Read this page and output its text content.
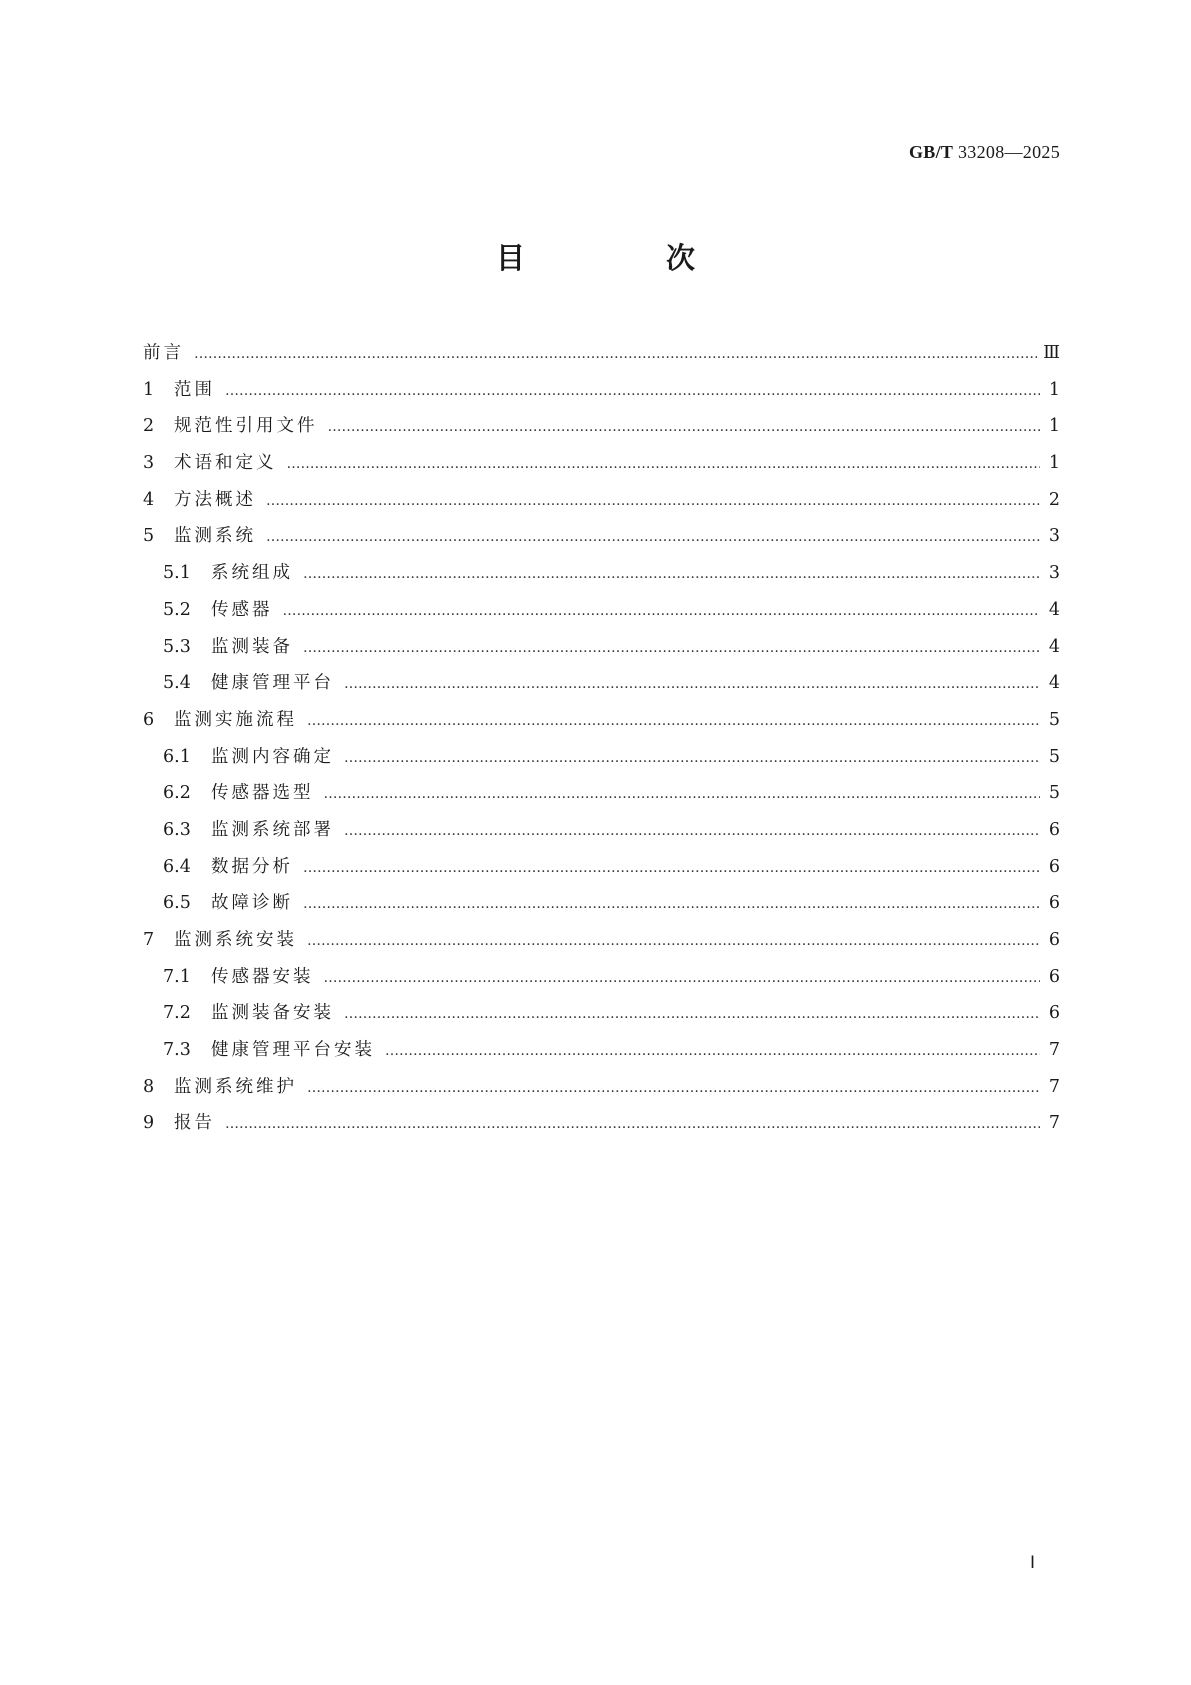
GB/T 33208—2025
目　次
前言 …………………………………………………………………………………………………………………………………………………………………………………………	Ⅲ
1	范围 …………………………………………………………………………………………………………………………………………………………………………………………	1
2	规范性引用文件 …………………………………………………………………………………………………………………………………………………………………………………………	1
3	术语和定义 …………………………………………………………………………………………………………………………………………………………………………………………	1
4	方法概述 …………………………………………………………………………………………………………………………………………………………………………………………	2
5	监测系统 …………………………………………………………………………………………………………………………………………………………………………………………	3
5.1	系统组成 …………………………………………………………………………………………………………………………………………………………………………………………	3
5.2	传感器 …………………………………………………………………………………………………………………………………………………………………………………………	4
5.3	监测装备 …………………………………………………………………………………………………………………………………………………………………………………………	4
5.4	健康管理平台 …………………………………………………………………………………………………………………………………………………………………………………………	4
6	监测实施流程 …………………………………………………………………………………………………………………………………………………………………………………………	5
6.1	监测内容确定 …………………………………………………………………………………………………………………………………………………………………………………………	5
6.2	传感器选型 …………………………………………………………………………………………………………………………………………………………………………………………	5
6.3	监测系统部署 …………………………………………………………………………………………………………………………………………………………………………………………	6
6.4	数据分析 …………………………………………………………………………………………………………………………………………………………………………………………	6
6.5	故障诊断 …………………………………………………………………………………………………………………………………………………………………………………………	6
7	监测系统安装 …………………………………………………………………………………………………………………………………………………………………………………………	6
7.1	传感器安装 …………………………………………………………………………………………………………………………………………………………………………………………	6
7.2	监测装备安装 …………………………………………………………………………………………………………………………………………………………………………………………	6
7.3	健康管理平台安装 …………………………………………………………………………………………………………………………………………………………………………………………	7
8	监测系统维护 …………………………………………………………………………………………………………………………………………………………………………………………	7
9	报告 …………………………………………………………………………………………………………………………………………………………………………………………	7
Ⅰ
